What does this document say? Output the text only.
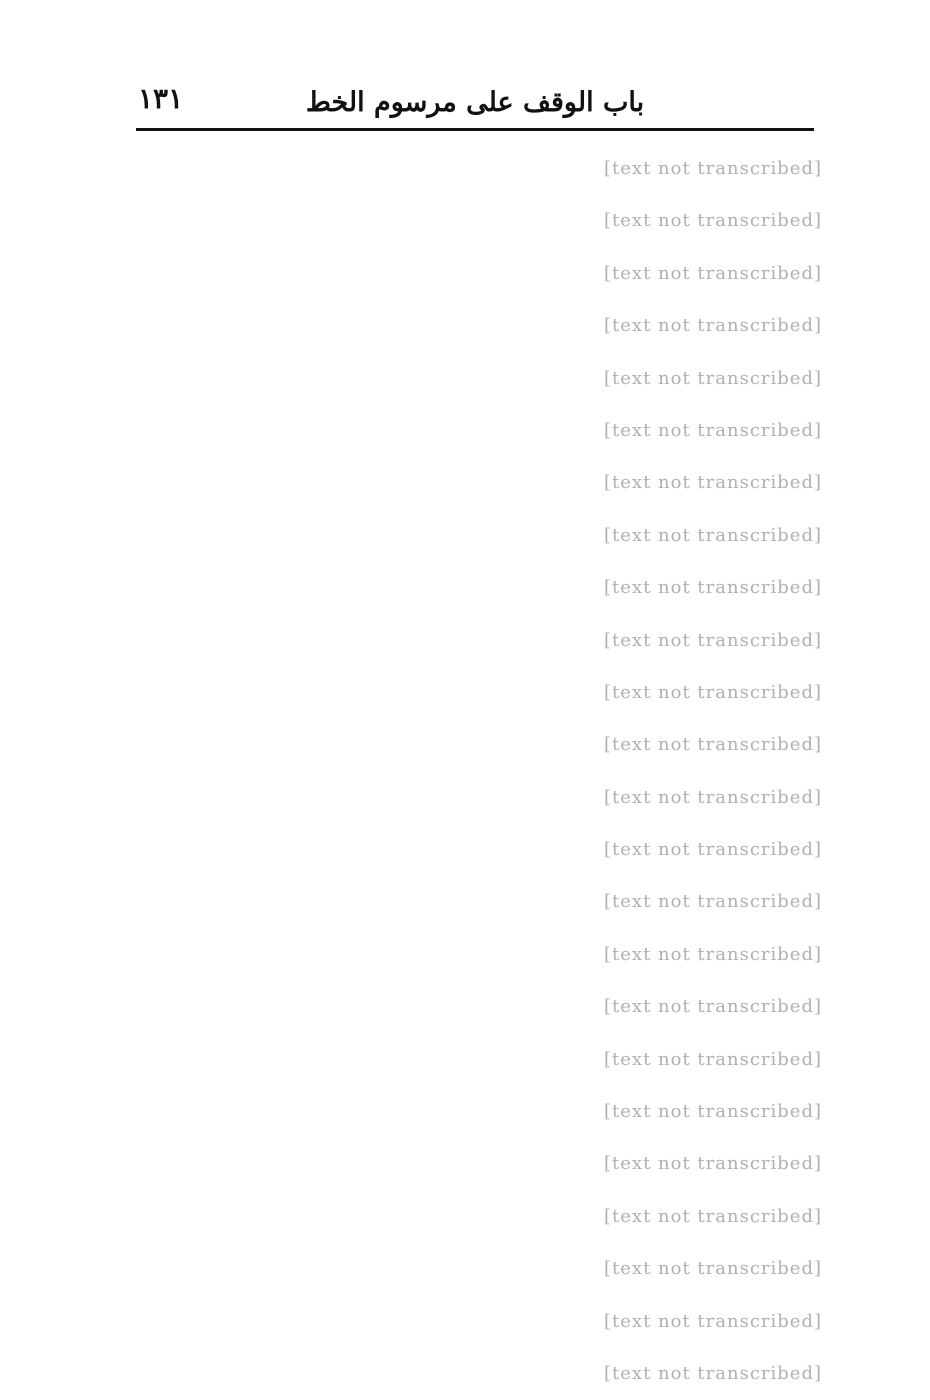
باب الوقف على مرسوم الخط
١٣١
[text not transcribed]
[text not transcribed]
[text not transcribed]
[text not transcribed]
[text not transcribed]
[text not transcribed]
[text not transcribed]
[text not transcribed]
[text not transcribed]
[text not transcribed]
[text not transcribed]
[text not transcribed]
[text not transcribed]
[text not transcribed]
[text not transcribed]
[text not transcribed]
[text not transcribed]
[text not transcribed]
[text not transcribed]
[text not transcribed]
[text not transcribed]
[text not transcribed]
[text not transcribed]
[text not transcribed]
